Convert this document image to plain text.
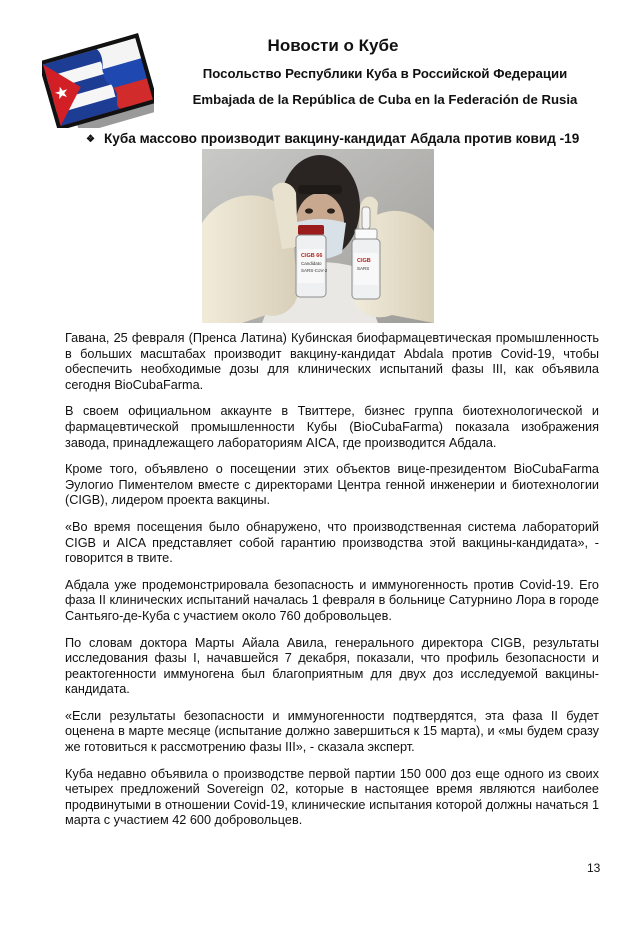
Новости о Кубе
Посольство Республики Куба в Российской Федерации
Embajada de la República de Cuba en la Federación de Rusia
❖ Куба массово производит вакцину-кандидат Абдала против ковид -19
CIGB 66
Candidato
SARS-CoV-2
CIGB
SARS

Гавана, 25 февраля (Пренса Латина) Кубинская биофармацевтическая промышленность в больших масштабах производит вакцину-кандидат Abdala против Covid-19, чтобы обеспечить необходимые дозы для клинических испытаний фазы III, как объявила сегодня BioCubaFarma.

В своем официальном аккаунте в Твиттере, бизнес группа биотехнологической и фармацевтической промышленности Кубы (BioCubaFarma) показала изображения завода, принадлежащего лабораториям AICA, где производится Абдала.

Кроме того, объявлено о посещении этих объектов вице-президентом BioCubaFarma Эулогио Пиментелом вместе с директорами Центра генной инженерии и биотехнологии (CIGB), лидером проекта вакцины.

«Во время посещения было обнаружено, что производственная система лабораторий CIGB и AICA представляет собой гарантию производства этой вакцины-кандидата», - говорится в твите.

Абдала уже продемонстрировала безопасность и иммуногенность против Covid-19. Его фаза II клинических испытаний началась 1 февраля в больнице Сатурнино Лора в городе Сантьяго-де-Куба с участием около 760 добровольцев.

По словам доктора Марты Айала Авила, генерального директора CIGB, результаты исследования фазы I, начавшейся 7 декабря, показали, что профиль безопасности и реактогенности иммуногена был благоприятным для двух доз исследуемой вакцины-кандидата.

«Если результаты безопасности и иммуногенности подтвердятся, эта фаза II будет оценена в марте месяце (испытание должно завершиться к 15 марта), и «мы будем сразу же готовиться к рассмотрению фазы III», - сказала эксперт.

Куба недавно объявила о производстве первой партии 150 000 доз еще одного из своих четырех предложений Sovereign 02, которые в настоящее время являются наиболее продвинутыми в отношении Covid-19, клинические испытания которой должны начаться 1 марта с участием 42 600 добровольцев.

13
